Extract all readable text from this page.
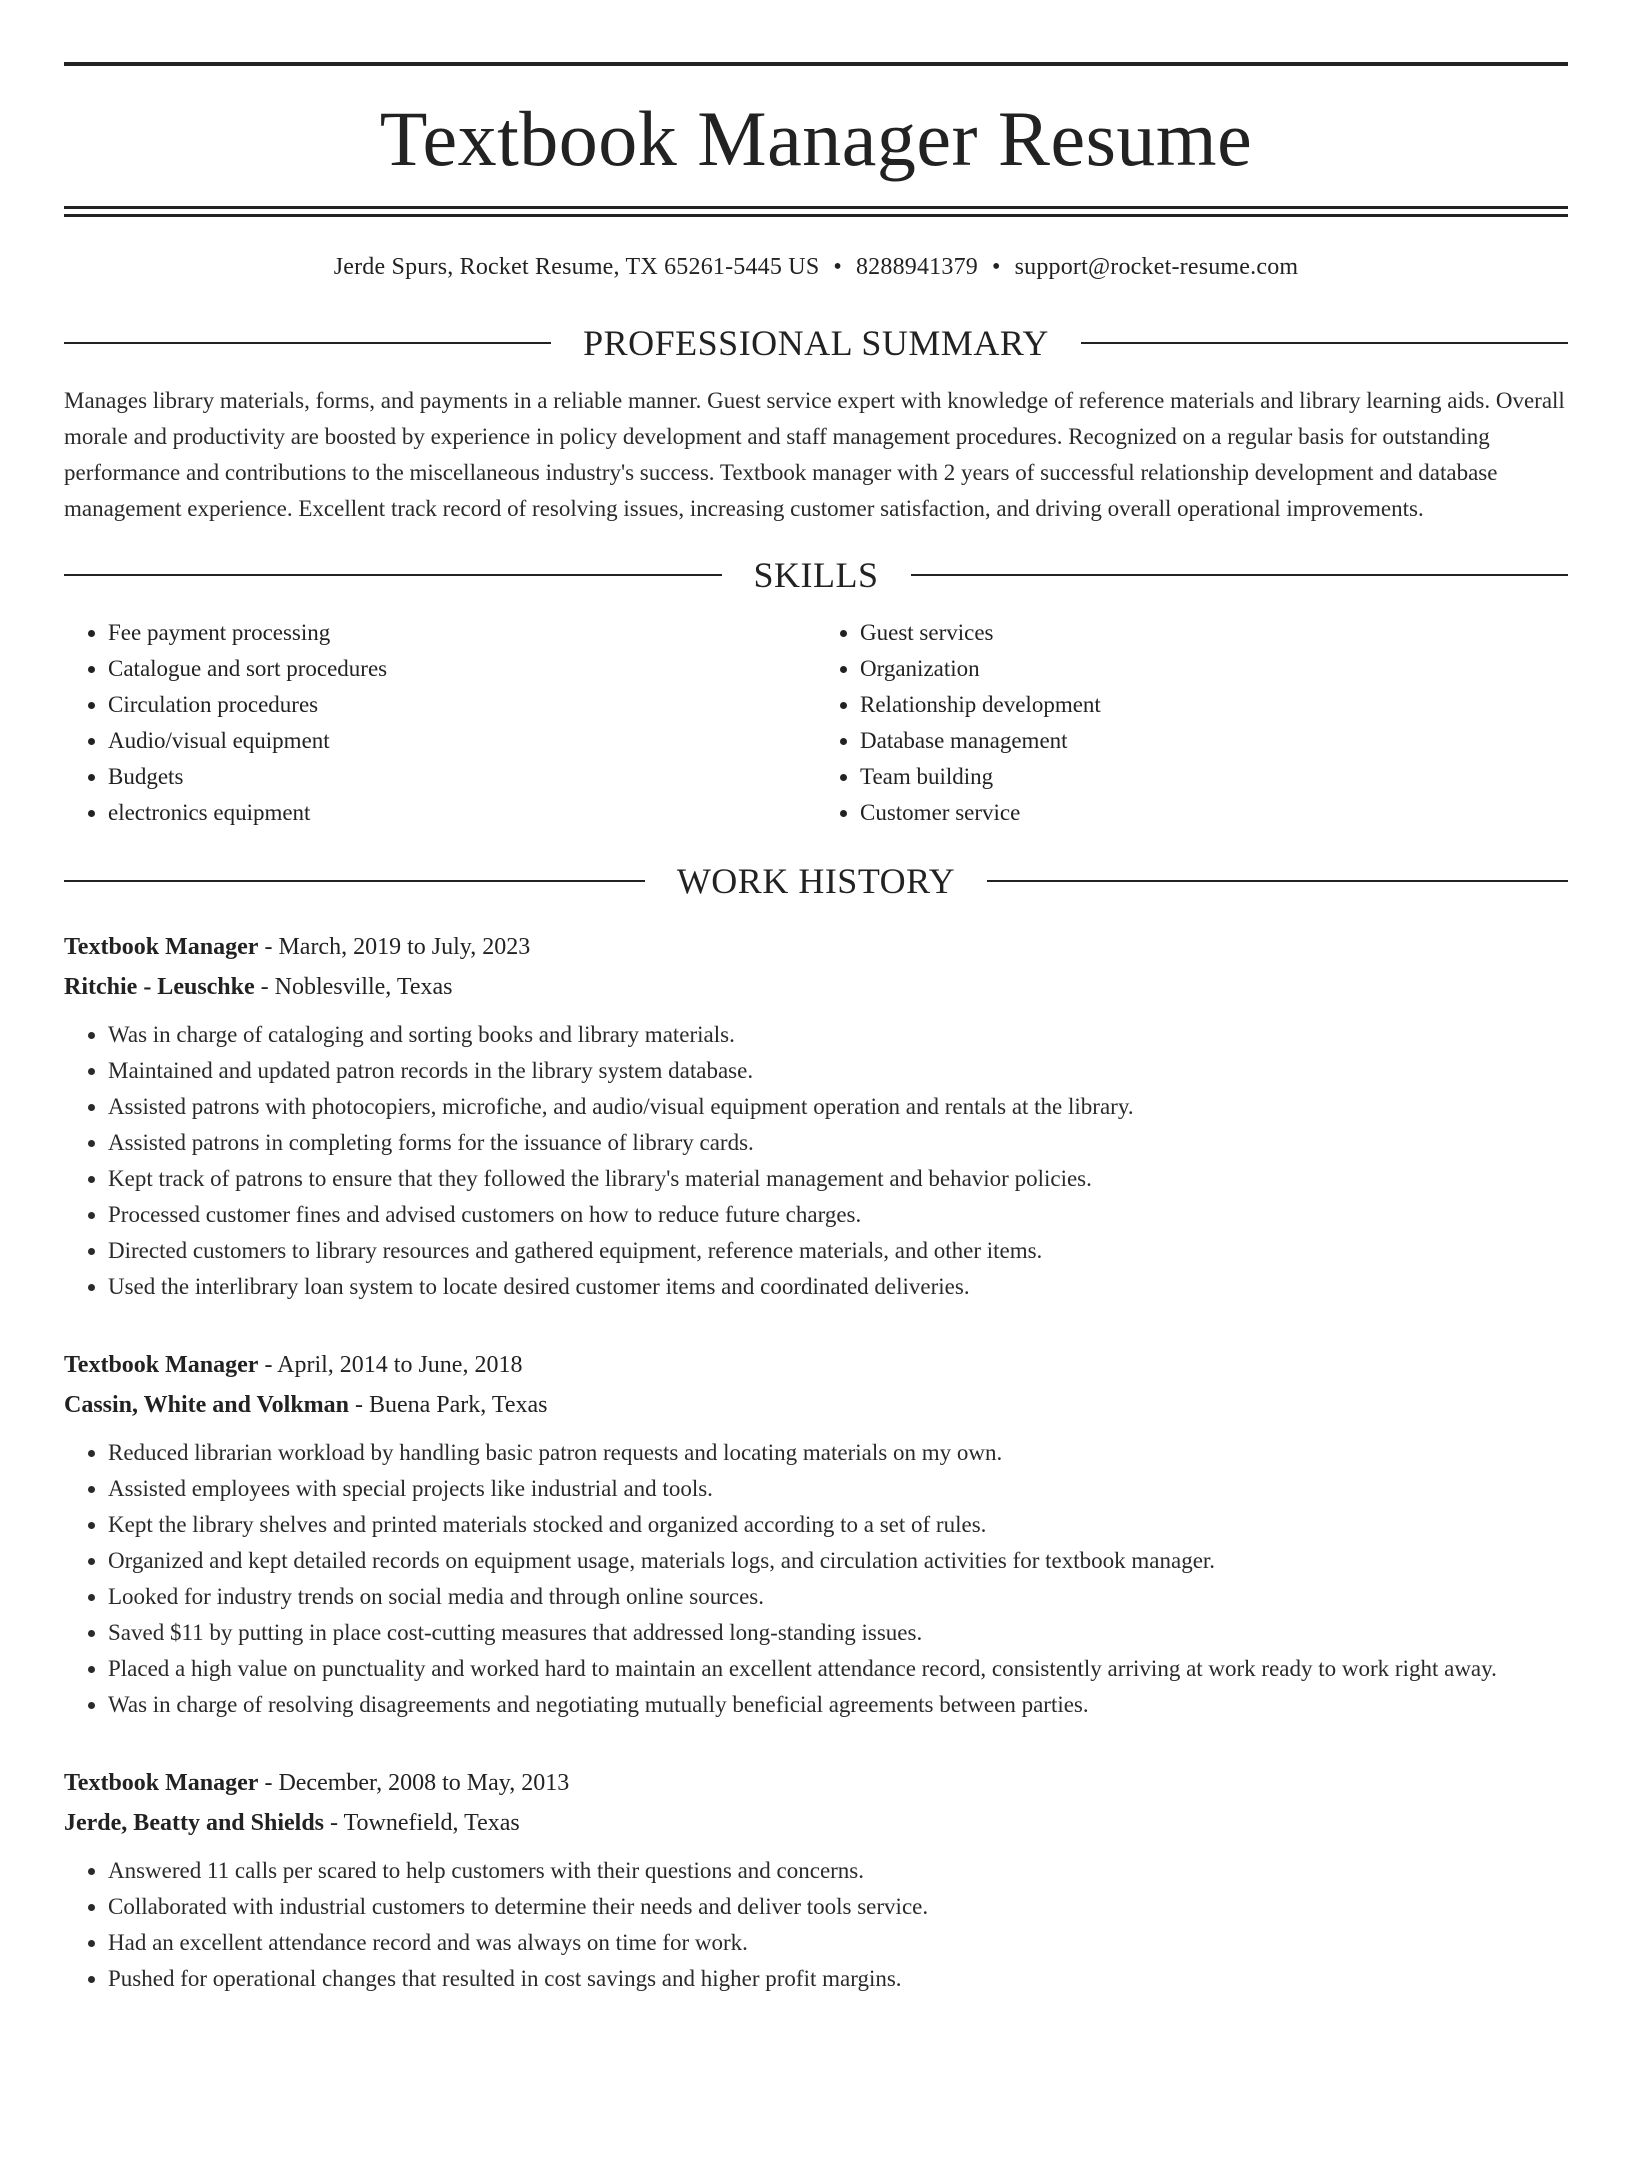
Textbook Manager Resume
Jerde Spurs, Rocket Resume, TX 65261-5445 US • 8288941379 • support@rocket-resume.com
PROFESSIONAL SUMMARY

Manages library materials, forms, and payments in a reliable manner. Guest service expert with knowledge of reference materials and library learning aids. Overall morale and productivity are boosted by experience in policy development and staff management procedures. Recognized on a regular basis for outstanding performance and contributions to the miscellaneous industry's success. Textbook manager with 2 years of successful relationship development and database management experience. Excellent track record of resolving issues, increasing customer satisfaction, and driving overall operational improvements.

SKILLS
• Fee payment processing
• Catalogue and sort procedures
• Circulation procedures
• Audio/visual equipment
• Budgets
• electronics equipment
• Guest services
• Organization
• Relationship development
• Database management
• Team building
• Customer service
WORK HISTORY
Textbook Manager - March, 2019 to July, 2023
Ritchie - Leuschke - Noblesville, Texas
• Was in charge of cataloging and sorting books and library materials.
• Maintained and updated patron records in the library system database.
• Assisted patrons with photocopiers, microfiche, and audio/visual equipment operation and rentals at the library.
• Assisted patrons in completing forms for the issuance of library cards.
• Kept track of patrons to ensure that they followed the library's material management and behavior policies.
• Processed customer fines and advised customers on how to reduce future charges.
• Directed customers to library resources and gathered equipment, reference materials, and other items.
• Used the interlibrary loan system to locate desired customer items and coordinated deliveries.
Textbook Manager - April, 2014 to June, 2018
Cassin, White and Volkman - Buena Park, Texas
• Reduced librarian workload by handling basic patron requests and locating materials on my own.
• Assisted employees with special projects like industrial and tools.
• Kept the library shelves and printed materials stocked and organized according to a set of rules.
• Organized and kept detailed records on equipment usage, materials logs, and circulation activities for textbook manager.
• Looked for industry trends on social media and through online sources.
• Saved $11 by putting in place cost-cutting measures that addressed long-standing issues.
• Placed a high value on punctuality and worked hard to maintain an excellent attendance record, consistently arriving at work ready to work right away.
• Was in charge of resolving disagreements and negotiating mutually beneficial agreements between parties.
Textbook Manager - December, 2008 to May, 2013
Jerde, Beatty and Shields - Townefield, Texas
• Answered 11 calls per scared to help customers with their questions and concerns.
• Collaborated with industrial customers to determine their needs and deliver tools service.
• Had an excellent attendance record and was always on time for work.
• Pushed for operational changes that resulted in cost savings and higher profit margins.
